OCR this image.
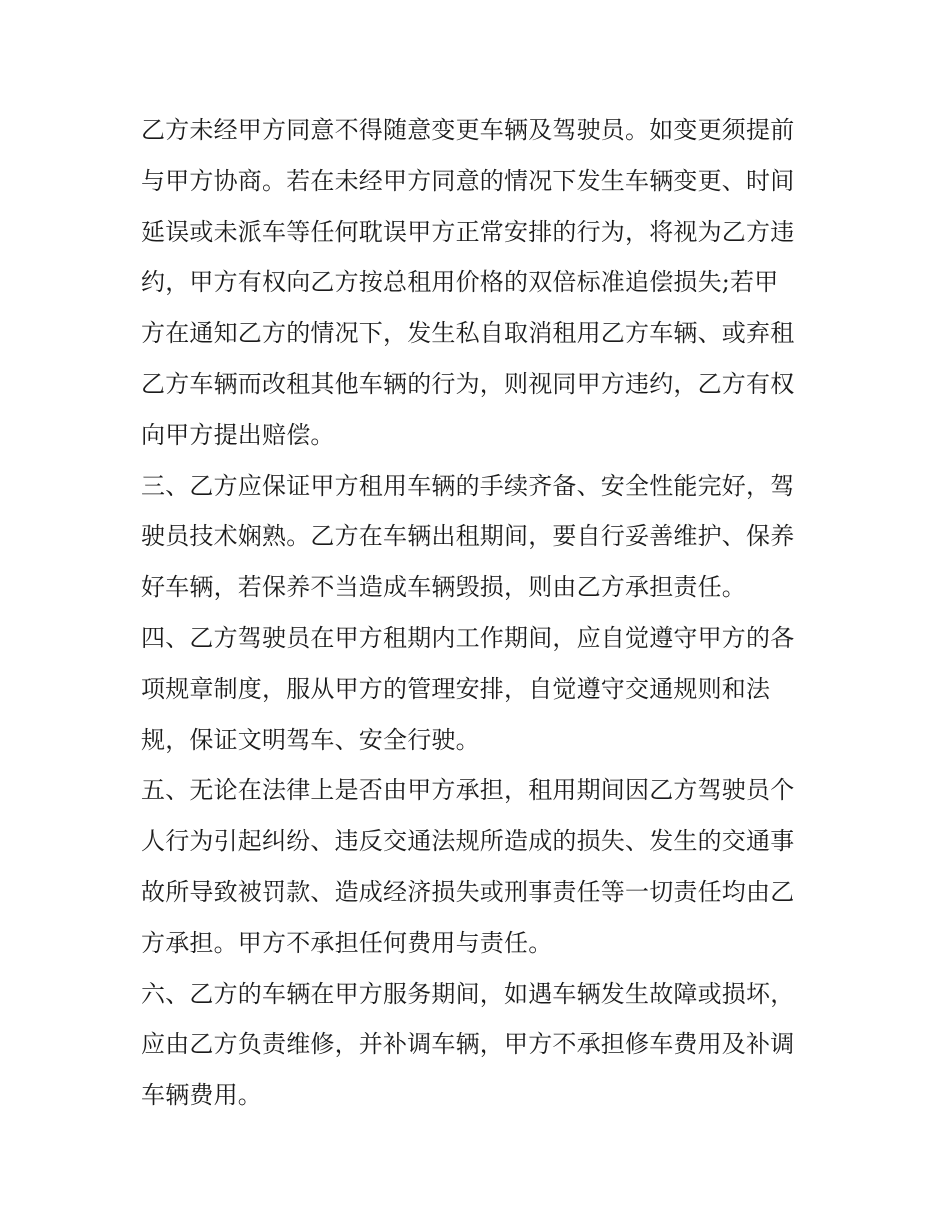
乙方未经甲方同意不得随意变更车辆及驾驶员。如变更须提前
与甲方协商。若在未经甲方同意的情况下发生车辆变更、时间
延误或未派车等任何耽误甲方正常安排的行为，将视为乙方违
约，甲方有权向乙方按总租用价格的双倍标准追偿损失;若甲
方在通知乙方的情况下，发生私自取消租用乙方车辆、或弃租
乙方车辆而改租其他车辆的行为，则视同甲方违约，乙方有权
向甲方提出赔偿。
三、乙方应保证甲方租用车辆的手续齐备、安全性能完好，驾
驶员技术娴熟。乙方在车辆出租期间，要自行妥善维护、保养
好车辆，若保养不当造成车辆毁损，则由乙方承担责任。
四、乙方驾驶员在甲方租期内工作期间，应自觉遵守甲方的各
项规章制度，服从甲方的管理安排，自觉遵守交通规则和法
规，保证文明驾车、安全行驶。
五、无论在法律上是否由甲方承担，租用期间因乙方驾驶员个
人行为引起纠纷、违反交通法规所造成的损失、发生的交通事
故所导致被罚款、造成经济损失或刑事责任等一切责任均由乙
方承担。甲方不承担任何费用与责任。
六、乙方的车辆在甲方服务期间，如遇车辆发生故障或损坏，
应由乙方负责维修，并补调车辆，甲方不承担修车费用及补调
车辆费用。
